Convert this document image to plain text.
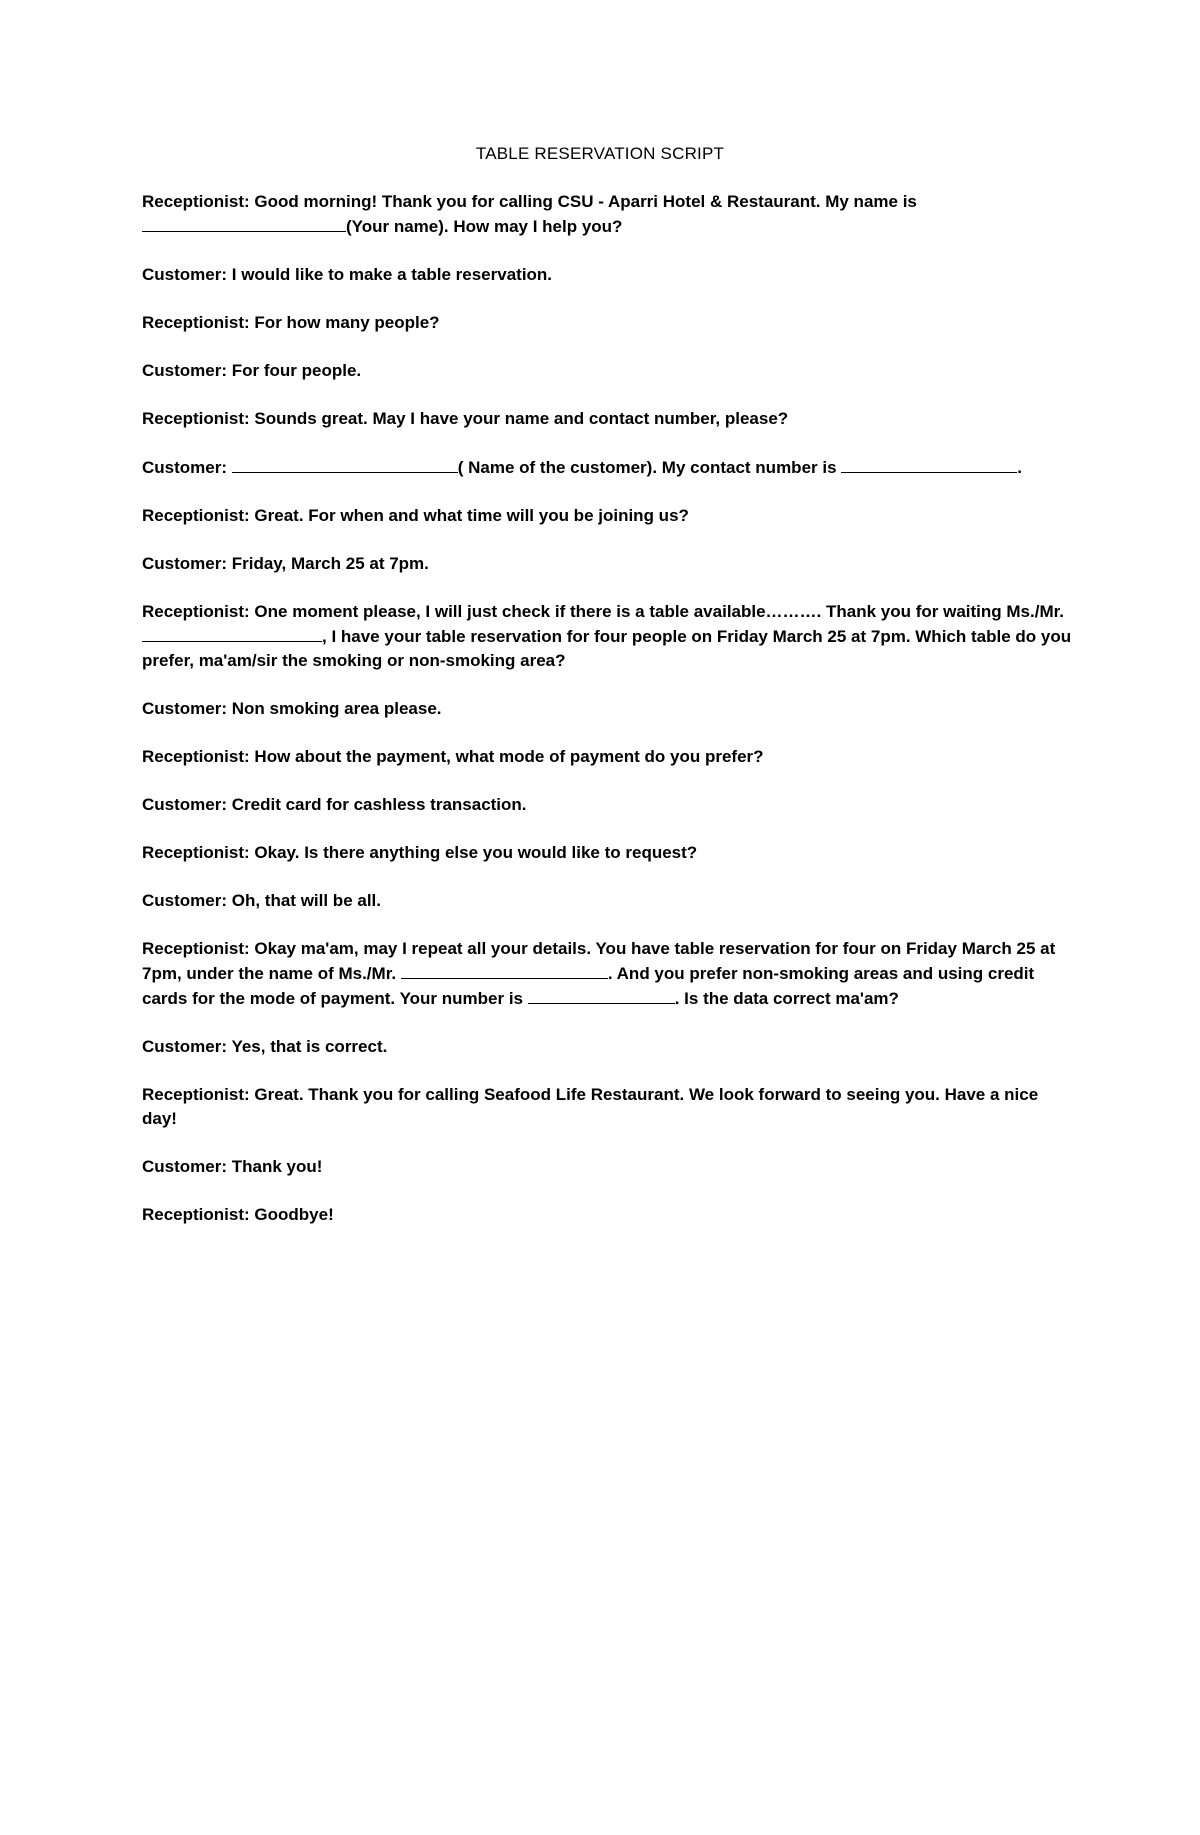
TABLE RESERVATION SCRIPT

Receptionist: Good morning! Thank you for calling CSU - Aparri Hotel & Restaurant. My name is (Your name). How may I help you?

Customer: I would like to make a table reservation.

Receptionist: For how many people?

Customer: For four people.

Receptionist: Sounds great. May I have your name and contact number, please?

Customer:	( Name of the customer). My contact number is	.

Receptionist: Great. For when and what time will you be joining us?

Customer: Friday, March 25 at 7pm.

Receptionist: One moment please, I will just check if there is a table available………. Thank you for waiting Ms./Mr., I have your table reservation for four people on Friday March 25 at 7pm. Which table do you prefer, ma'am/sir the smoking or non-smoking area?

Customer: Non smoking area please.

Receptionist: How about the payment, what mode of payment do you prefer?

Customer: Credit card for cashless transaction.

Receptionist: Okay. Is there anything else you would like to request?

Customer: Oh, that will be all.

Receptionist: Okay ma'am, may I repeat all your details. You have table reservation for four on Friday March 25 at 7pm, under the name of Ms./Mr.	. And you prefer non-smoking areas and using credit cards for the mode of payment. Your number is	. Is the data correct ma'am?

Customer: Yes, that is correct.

Receptionist: Great. Thank you for calling Seafood Life Restaurant. We look forward to seeing you. Have a nice day!

Customer: Thank you!

Receptionist: Goodbye!
